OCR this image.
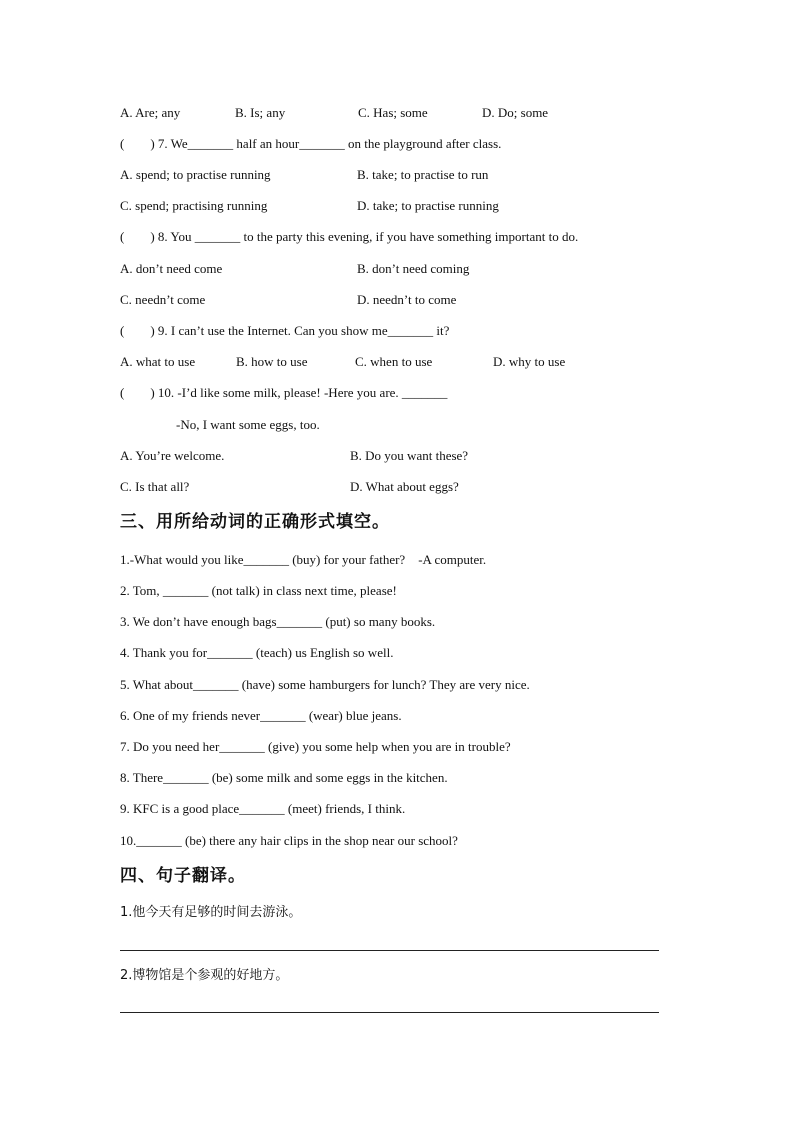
A. Are; any	B. Is; any	C. Has; some	D. Do; some
(        ) 7. We_______ half an hour_______ on the playground after class.
A. spend; to practise running	B. take; to practise to run
C. spend; practising running	D. take; to practise running
(        ) 8. You _______ to the party this evening, if you have something important to do.
A. don’t need come	B. don’t need coming
C. needn’t come	D. needn’t to come
(        ) 9. I can’t use the Internet. Can you show me_______ it?
A. what to use	B. how to use	C. when to use	D. why to use
(        ) 10. -I’d like some milk, please! -Here you are. _______
-No, I want some eggs, too.
A. You’re welcome.	B. Do you want these?
C. Is that all?	D. What about eggs?
三、用所给动词的正确形式填空。
1.-What would you like_______ (buy) for your father?    -A computer.
2. Tom, _______ (not talk) in class next time, please!
3. We don’t have enough bags_______ (put) so many books.
4. Thank you for_______ (teach) us English so well.
5. What about_______ (have) some hamburgers for lunch? They are very nice.
6. One of my friends never_______ (wear) blue jeans.
7. Do you need her_______ (give) you some help when you are in trouble?
8. There_______ (be) some milk and some eggs in the kitchen.
9. KFC is a good place_______ (meet) friends, I think.
10._______ (be) there any hair clips in the shop near our school?
四、句子翻译。
1.他今天有足够的时间去游泳。
2.博物馆是个参观的好地方。
